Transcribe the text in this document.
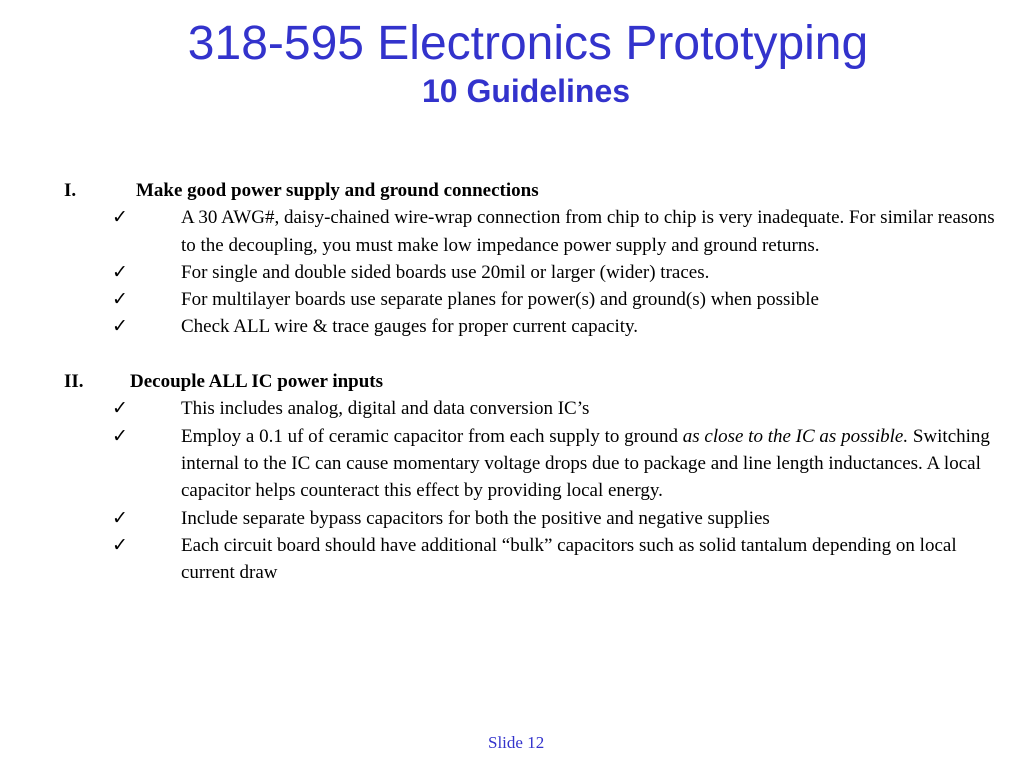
318-595 Electronics Prototyping
10 Guidelines
I.	Make good power supply and ground connections
✓	A 30 AWG#, daisy-chained wire-wrap connection from chip to chip is very inadequate. For similar reasons to the decoupling, you must make low impedance power supply and ground returns.
✓	For single and double sided boards use 20mil or larger (wider) traces.
✓	For multilayer boards use separate planes for power(s) and ground(s) when possible
✓	Check ALL wire & trace gauges for proper current capacity.
II. Decouple ALL IC power inputs
✓	This includes analog, digital and data conversion IC’s
✓	Employ a 0.1 uf of ceramic capacitor from each supply to ground as close to the IC as possible. Switching internal to the IC can cause momentary voltage drops due to package and line length inductances. A local capacitor helps counteract this effect by providing local energy.
✓	Include separate bypass capacitors for both the positive and negative supplies
✓	Each circuit board should have additional “bulk” capacitors such as solid tantalum depending on local current draw
Slide 12
